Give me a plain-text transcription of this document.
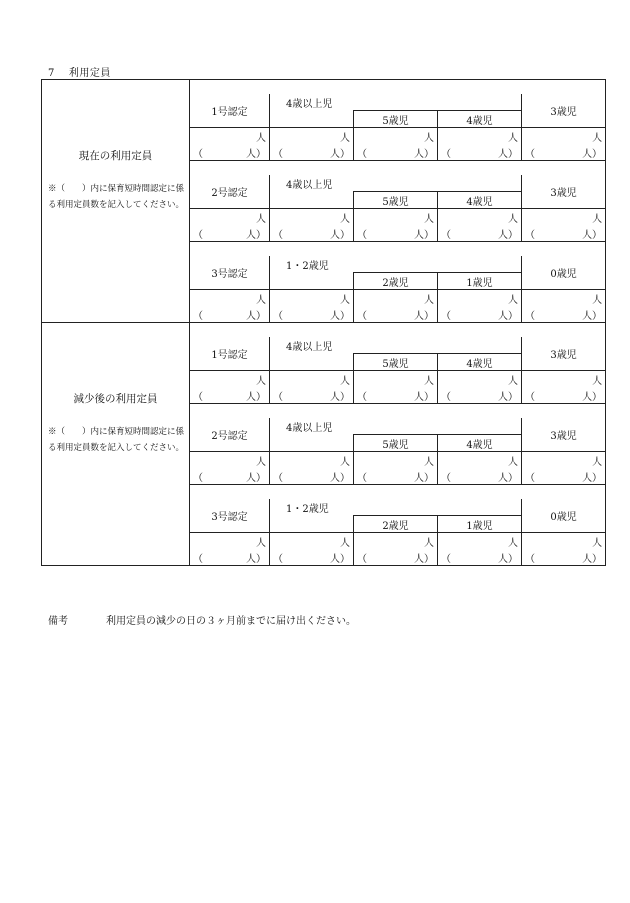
7 利用定員
現在の利用定員
※（　　）内に保育短時間認定に係る利用定員数を記入してください。					

	1号認定	4歳以上児			3歳児
			5歳児	4歳児	
	人	人	人	人	人

	（ 人）	（ 人）	（ 人）	（ 人）	（ 人）

	2号認定	4歳以上児			3歳児
			5歳児	4歳児	
	人	人	人	人	人

	（ 人）	（ 人）	（ 人）	（ 人）	（ 人）

	3号認定	1・2歳児			0歳児
			2歳児	1歳児	
	人	人	人	人	人

	（ 人）	（ 人）	（ 人）	（ 人）	（ 人）

減少後の利用定員
※（　　）内に保育短時間認定に係る利用定員数を記入してください。					

	1号認定	4歳以上児			3歳児
			5歳児	4歳児	
	人	人	人	人	人

	（ 人）	（ 人）	（ 人）	（ 人）	（ 人）

	2号認定	4歳以上児			3歳児
			5歳児	4歳児	
	人	人	人	人	人

	（ 人）	（ 人）	（ 人）	（ 人）	（ 人）

	3号認定	1・2歳児			0歳児
			2歳児	1歳児	
	人	人	人	人	人

	（ 人）	（ 人）	（ 人）	（ 人）	（ 人）
備考	利用定員の減少の日の３ヶ月前までに届け出ください。
